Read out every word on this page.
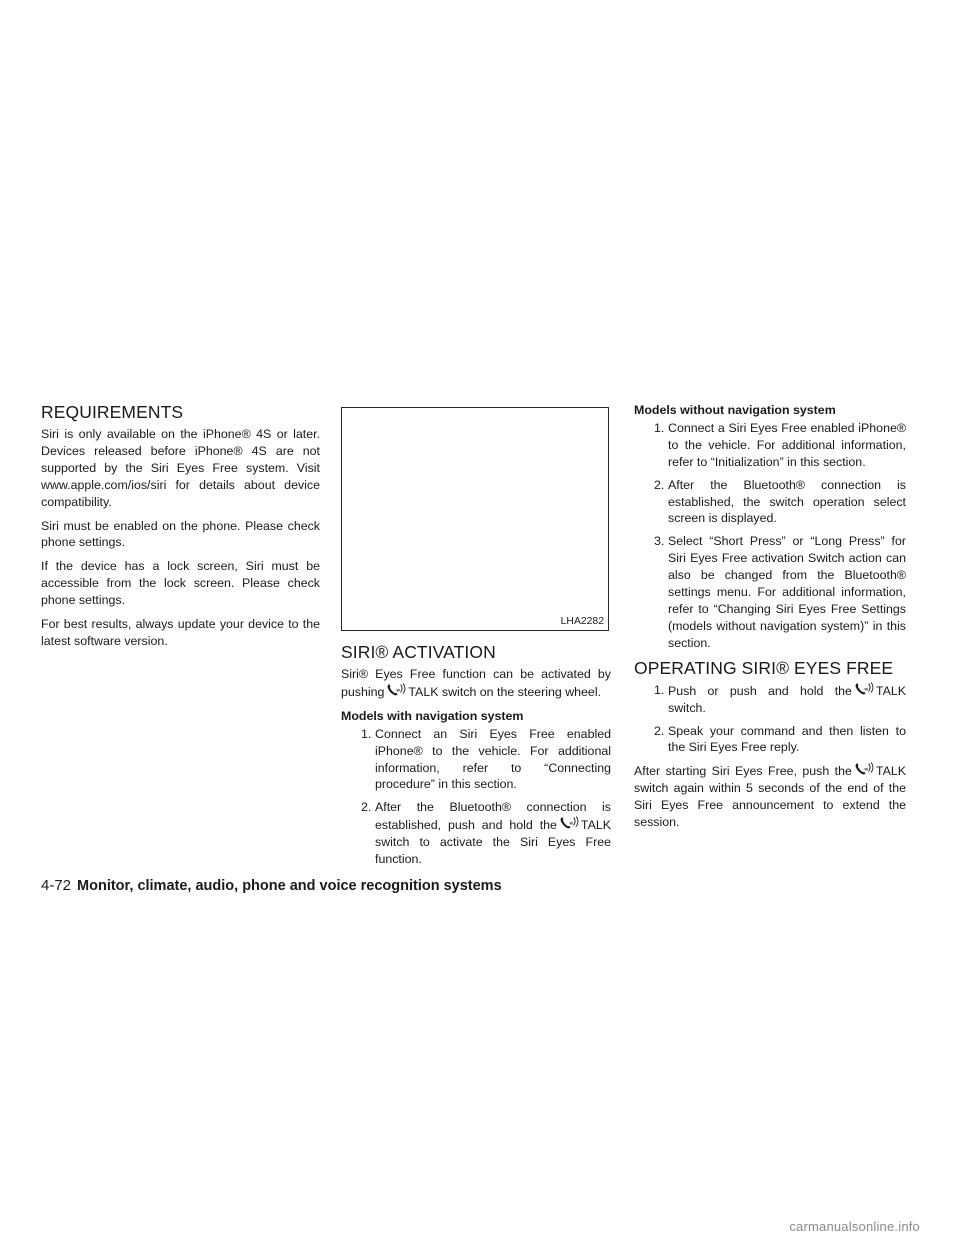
REQUIREMENTS

Siri is only available on the iPhone® 4S or later. Devices released before iPhone® 4S are not supported by the Siri Eyes Free system. Visit www.apple.com/ios/siri for details about device compatibility.

Siri must be enabled on the phone. Please check phone settings.

If the device has a lock screen, Siri must be accessible from the lock screen. Please check phone settings.

For best results, always update your device to the latest software version.

LHA2282
SIRI® ACTIVATION

Siri® Eyes Free function can be activated by pushing TALK switch on the steering wheel.

Models with navigation system
1. Connect an Siri Eyes Free enabled iPhone® to the vehicle. For additional information, refer to “Connecting procedure” in this section.
2. After the Bluetooth® connection is established, push and hold the TALK switch to activate the Siri Eyes Free function.
Models without navigation system
1. Connect a Siri Eyes Free enabled iPhone® to the vehicle. For additional information, refer to “Initialization” in this section.
2. After the Bluetooth® connection is established, the switch operation select screen is displayed.
3. Select “Short Press” or “Long Press” for Siri Eyes Free activation Switch action can also be changed from the Bluetooth® settings menu. For additional information, refer to “Changing Siri Eyes Free Settings (models without navigation system)” in this section.
OPERATING SIRI® EYES FREE
1. Push or push and hold the TALK switch.
2. Speak your command and then listen to the Siri Eyes Free reply.

After starting Siri Eyes Free, push the TALK switch again within 5 seconds of the end of the Siri Eyes Free announcement to extend the session.

4-72 Monitor, climate, audio, phone and voice recognition systems
carmanualsonline.info
